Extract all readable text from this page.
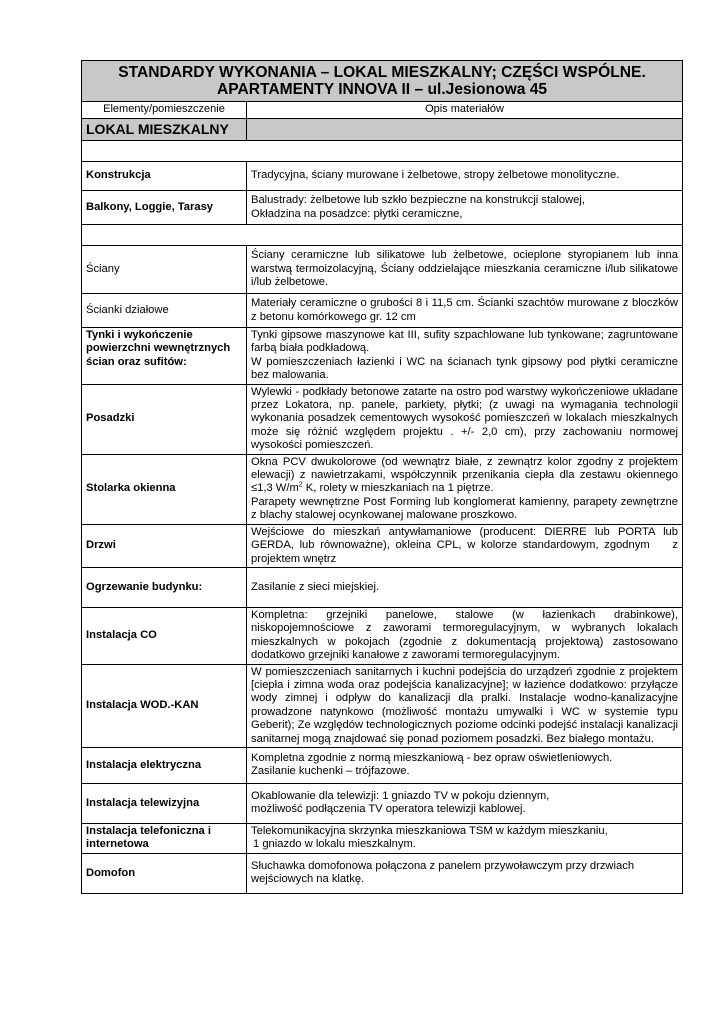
STANDARDY WYKONANIA – LOKAL MIESZKALNY; CZĘŚCI WSPÓLNE.
APARTAMENTY INNOVA II – ul.Jesionowa 45	

Elementy/pomieszczenie	Opis materiałów
LOKAL MIESZKALNY	

Konstrukcja	Tradycyjna, ściany murowane i żelbetowe, stropy żelbetowe monolityczne.

Balkony, Loggie, Tarasy	Balustrady: żelbetowe lub szkło bezpieczne na konstrukcji stalowej,
Okładzina na posadzce: płytki ceramiczne,

Ściany	Ściany ceramiczne lub silikatowe lub żelbetowe, ocieplone styropianem lub inna warstwą termoizolacyjną, Ściany oddzielające mieszkania ceramiczne i/lub silikatowe i/lub żelbetowe.

Ścianki działowe	Materiały ceramiczne o grubości 8 i 11,5 cm. Ścianki szachtów murowane z bloczków z betonu komórkowego gr. 12 cm

Tynki i wykończenie powierzchni wewnętrznych ścian oraz sufitów:	Tynki gipsowe maszynowe kat III, sufity szpachlowane lub tynkowane; zagruntowane farbą biała podkładową.
W pomieszczeniach łazienki i WC na ścianach tynk gipsowy pod płytki ceramiczne bez malowania.

Posadzki	Wylewki - podkłady betonowe zatarte na ostro pod warstwy wykończeniowe układane przez Lokatora, np. panele, parkiety, płytki; (z uwagi na wymagania technologii wykonania posadzek cementowych wysokość pomieszczeń w lokalach mieszkalnych może się różnić względem projektu . +/- 2,0 cm), przy zachowaniu normowej wysokości pomieszczeń.

Stolarka okienna	Okna PCV dwukolorowe (od wewnątrz białe, z zewnątrz kolor zgodny z projektem elewacji) z nawietrzakami, współczynnik przenikania ciepła dla zestawu okiennego ≤1,3 $W/m^2$ K, rolety w mieszkaniach na 1 piętrze.
Parapety wewnętrzne Post Forming lub konglomerat kamienny, parapety zewnętrzne z blachy stalowej ocynkowanej malowane proszkowo.

Drzwi	Wejściowe do mieszkań antywłamaniowe (producent: DIERRE lub PORTA lub GERDA, lub równoważne), okleina CPL, w kolorze standardowym, zgodnym    z projektem wnętrz

Ogrzewanie budynku:	Zasilanie z sieci miejskiej.

Instalacja CO	Kompletna: grzejniki panelowe, stalowe (w łazienkach drabinkowe), niskopojemnościowe z zaworami termoregulacyjnym, w wybranych lokalach mieszkalnych w pokojach (zgodnie z dokumentacją projektową) zastosowano dodatkowo grzejniki kanałowe z zaworami termoregulacyjnym.

Instalacja WOD.-KAN	W pomieszczeniach sanitarnych i kuchni podejścia do urządzeń zgodnie z projektem [ciepła i zimna woda oraz podejścia kanalizacyjne]; w łazience dodatkowo: przyłącze wody zimnej i odpływ do kanalizacji dla pralki. Instalacje wodno-kanalizacyjne prowadzone natynkowo (możliwość montażu umywalki i WC w systemie typu Geberit); Ze względów technologicznych poziome odcinki podejść instalacji kanalizacji sanitarnej mogą znajdować się ponad poziomem posadzki. Bez białego montażu.

Instalacja elektryczna	Kompletna zgodnie z normą mieszkaniową - bez opraw oświetleniowych.
Zasilanie kuchenki – trójfazowe.

Instalacja telewizyjna	Okablowanie dla telewizji: 1 gniazdo TV w pokoju dziennym,
możliwość podłączenia TV operatora telewizji kablowej.

Instalacja telefoniczna i internetowa	Telekomunikacyjna skrzynka mieszkaniowa TSM w każdym mieszkaniu,
1 gniazdo w lokalu mieszkalnym.

Domofon	Słuchawka domofonowa połączona z panelem przywoławczym przy drzwiach wejściowych na klatkę.
